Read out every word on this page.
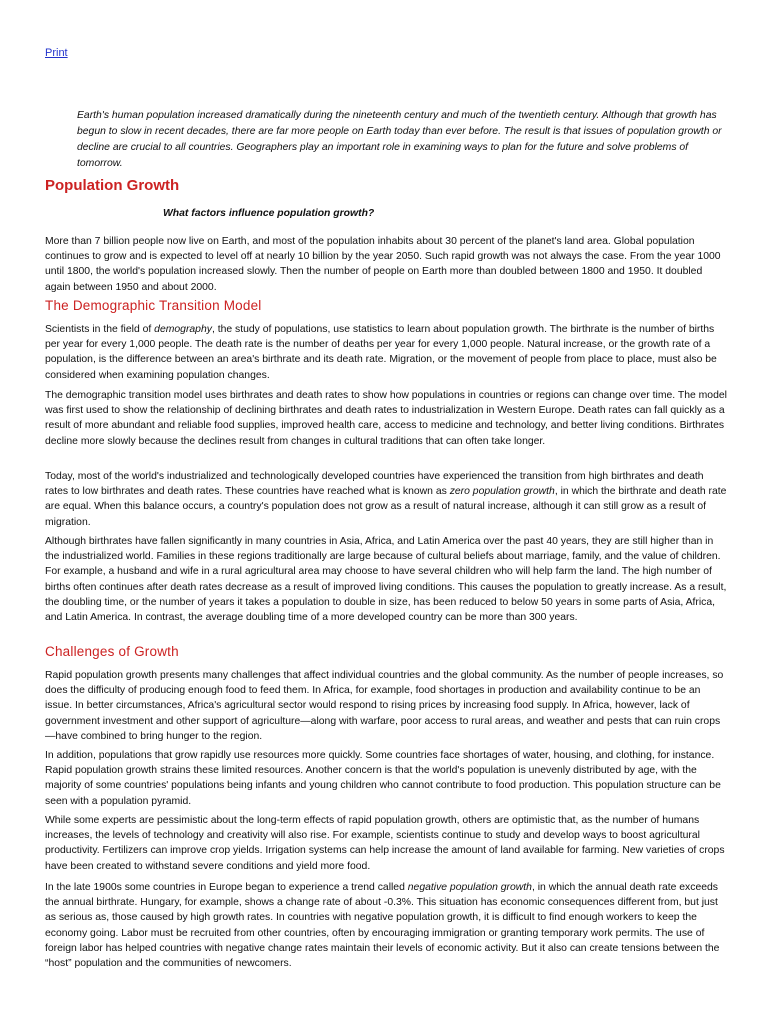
Print

Earth's human population increased dramatically during the nineteenth century and much of the twentieth century. Although that growth has begun to slow in recent decades, there are far more people on Earth today than ever before. The result is that issues of population growth or decline are crucial to all countries. Geographers play an important role in examining ways to plan for the future and solve problems of tomorrow.

Population Growth
What factors influence population growth?

More than 7 billion people now live on Earth, and most of the population inhabits about 30 percent of the planet's land area. Global population continues to grow and is expected to level off at nearly 10 billion by the year 2050. Such rapid growth was not always the case. From the year 1000 until 1800, the world's population increased slowly. Then the number of people on Earth more than doubled between 1800 and 1950. It doubled again between 1950 and about 2000.

The Demographic Transition Model

Scientists in the field of demography, the study of populations, use statistics to learn about population growth. The birthrate is the number of births per year for every 1,000 people. The death rate is the number of deaths per year for every 1,000 people. Natural increase, or the growth rate of a population, is the difference between an area's birthrate and its death rate. Migration, or the movement of people from place to place, must also be considered when examining population changes.

The demographic transition model uses birthrates and death rates to show how populations in countries or regions can change over time. The model was first used to show the relationship of declining birthrates and death rates to industrialization in Western Europe. Death rates can fall quickly as a result of more abundant and reliable food supplies, improved health care, access to medicine and technology, and better living conditions. Birthrates decline more slowly because the declines result from changes in cultural traditions that can often take longer.

Today, most of the world's industrialized and technologically developed countries have experienced the transition from high birthrates and death rates to low birthrates and death rates. These countries have reached what is known as zero population growth, in which the birthrate and death rate are equal. When this balance occurs, a country's population does not grow as a result of natural increase, although it can still grow as a result of migration.

Although birthrates have fallen significantly in many countries in Asia, Africa, and Latin America over the past 40 years, they are still higher than in the industrialized world. Families in these regions traditionally are large because of cultural beliefs about marriage, family, and the value of children. For example, a husband and wife in a rural agricultural area may choose to have several children who will help farm the land. The high number of births often continues after death rates decrease as a result of improved living conditions. This causes the population to greatly increase. As a result, the doubling time, or the number of years it takes a population to double in size, has been reduced to below 50 years in some parts of Asia, Africa, and Latin America. In contrast, the average doubling time of a more developed country can be more than 300 years.

Challenges of Growth

Rapid population growth presents many challenges that affect individual countries and the global community. As the number of people increases, so does the difficulty of producing enough food to feed them. In Africa, for example, food shortages in production and availability continue to be an issue. In better circumstances, Africa's agricultural sector would respond to rising prices by increasing food supply. In Africa, however, lack of government investment and other support of agriculture—along with warfare, poor access to rural areas, and weather and pests that can ruin crops—have combined to bring hunger to the region.

In addition, populations that grow rapidly use resources more quickly. Some countries face shortages of water, housing, and clothing, for instance. Rapid population growth strains these limited resources. Another concern is that the world's population is unevenly distributed by age, with the majority of some countries' populations being infants and young children who cannot contribute to food production. This population structure can be seen with a population pyramid.

While some experts are pessimistic about the long-term effects of rapid population growth, others are optimistic that, as the number of humans increases, the levels of technology and creativity will also rise. For example, scientists continue to study and develop ways to boost agricultural productivity. Fertilizers can improve crop yields. Irrigation systems can help increase the amount of land available for farming. New varieties of crops have been created to withstand severe conditions and yield more food.

In the late 1900s some countries in Europe began to experience a trend called negative population growth, in which the annual death rate exceeds the annual birthrate. Hungary, for example, shows a change rate of about -0.3%. This situation has economic consequences different from, but just as serious as, those caused by high growth rates. In countries with negative population growth, it is difficult to find enough workers to keep the economy going. Labor must be recruited from other countries, often by encouraging immigration or granting temporary work permits. The use of foreign labor has helped countries with negative change rates maintain their levels of economic activity. But it also can create tensions between the “host” population and the communities of newcomers.
